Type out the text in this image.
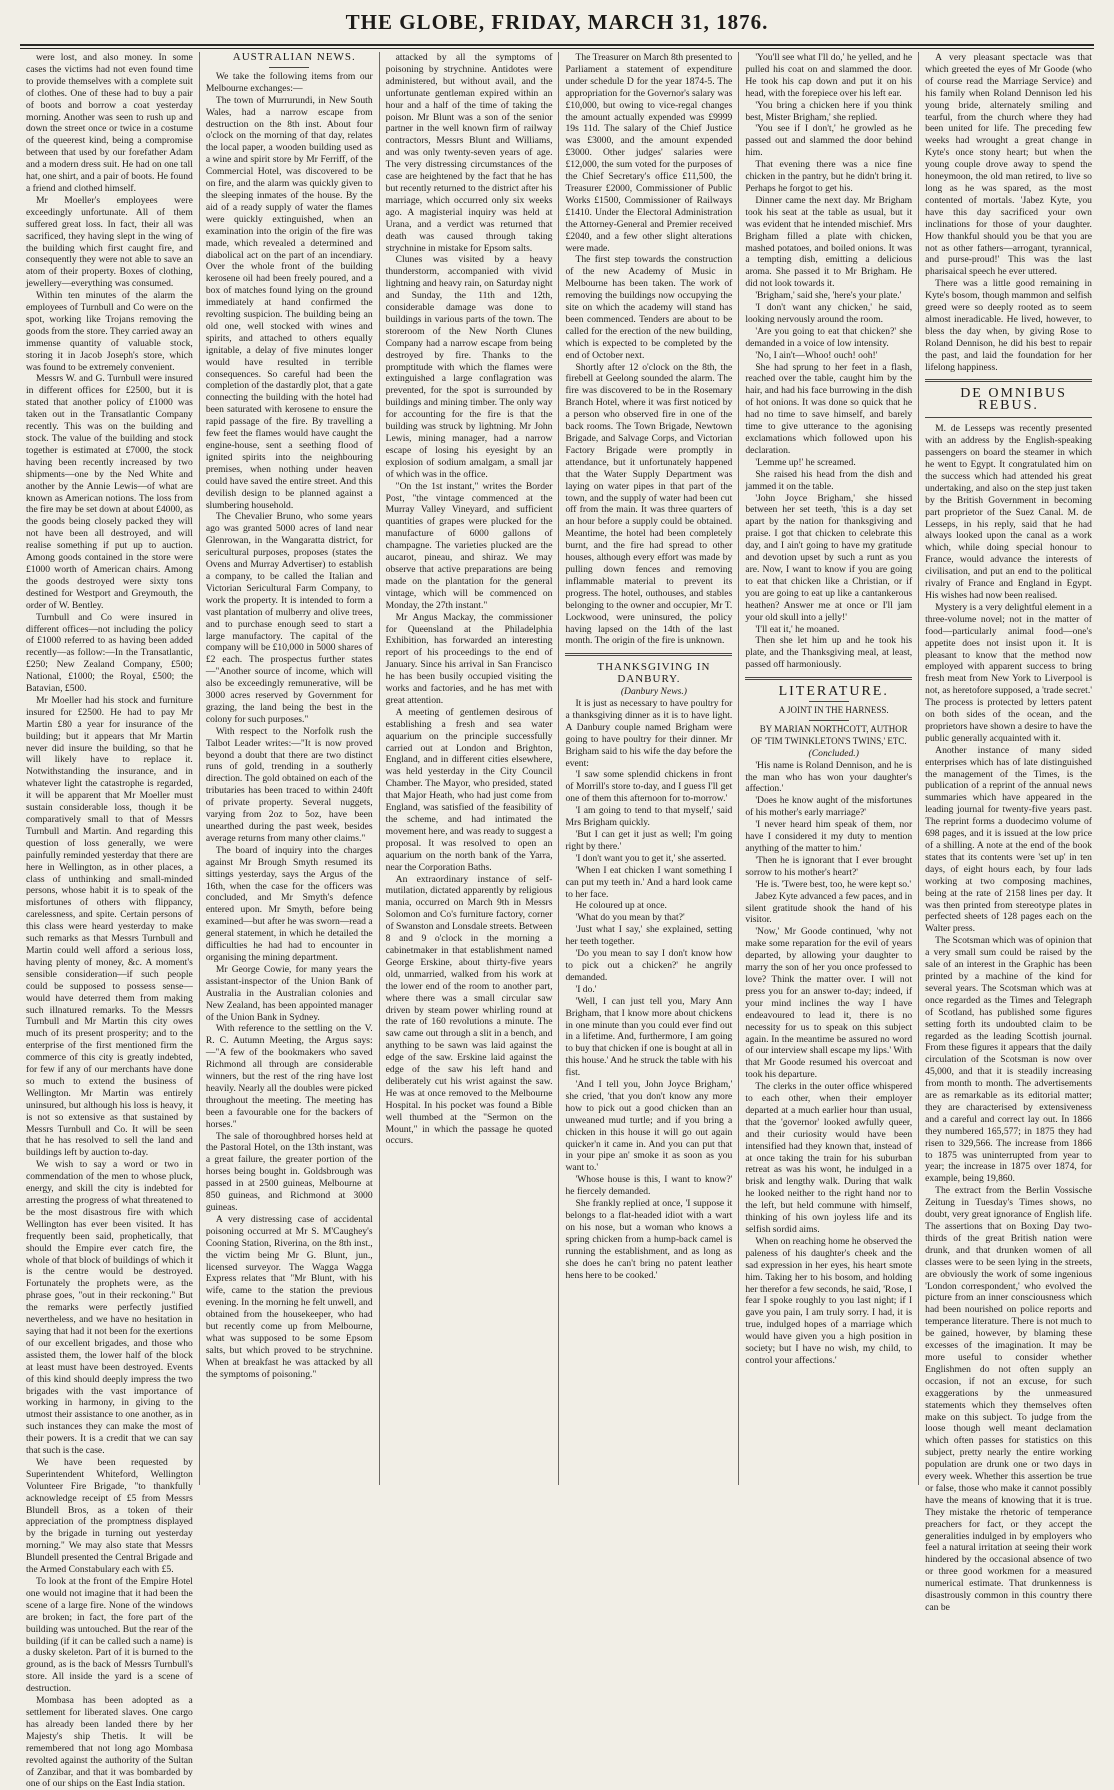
THE GLOBE, FRIDAY, MARCH 31, 1876.

were lost, and also money. In some cases the victims had not even found time to provide themselves with a complete suit of clothes. One of these had to buy a pair of boots and borrow a coat yesterday morning. Another was seen to rush up and down the street once or twice in a costume of the queerest kind, being a compromise between that used by our forefather Adam and a modern dress suit. He had on one tall hat, one shirt, and a pair of boots. He found a friend and clothed himself.

Mr Moeller's employees were exceedingly unfortunate. All of them suffered great loss. In fact, their all was sacrificed, they having slept in the wing of the building which first caught fire, and consequently they were not able to save an atom of their property. Boxes of clothing, jewellery—everything was consumed.

Within ten minutes of the alarm the employees of Turnbull and Co were on the spot, working like Trojans removing the goods from the store. They carried away an immense quantity of valuable stock, storing it in Jacob Joseph's store, which was found to be extremely convenient.

Messrs W. and G. Turnbull were insured in different offices for £2500, but it is stated that another policy of £1000 was taken out in the Transatlantic Company recently. This was on the building and stock. The value of the building and stock together is estimated at £7000, the stock having been recently increased by two shipments—one by the Ned White and another by the Annie Lewis—of what are known as American notions. The loss from the fire may be set down at about £4000, as the goods being closely packed they will not have been all destroyed, and will realise something if put up to auction. Among goods contained in the store were £1000 worth of American chairs. Among the goods destroyed were sixty tons destined for Westport and Greymouth, the order of W. Bentley.

Turnbull and Co were insured in different offices—not including the policy of £1000 referred to as having been added recently—as follow:—In the Transatlantic, £250; New Zealand Company, £500; National, £1000; the Royal, £500; the Batavian, £500.

Mr Moeller had his stock and furniture insured for £2500. He had to pay Mr Martin £80 a year for insurance of the building; but it appears that Mr Martin never did insure the building, so that he will likely have to replace it. Notwithstanding the insurance, and in whatever light the catastrophe is regarded, it will be apparent that Mr Moeller must sustain considerable loss, though it be comparatively small to that of Messrs Turnbull and Martin. And regarding this question of loss generally, we were painfully reminded yesterday that there are here in Wellington, as in other places, a class of unthinking and small-minded persons, whose habit it is to speak of the misfortunes of others with flippancy, carelessness, and spite. Certain persons of this class were heard yesterday to make such remarks as that Messrs Turnbull and Martin could well afford a serious loss, having plenty of money, &c. A moment's sensible consideration—if such people could be supposed to possess sense—would have deterred them from making such illnatured remarks. To the Messrs Turnbull and Mr Martin this city owes much of its present prosperity; and to the enterprise of the first mentioned firm the commerce of this city is greatly indebted, for few if any of our merchants have done so much to extend the business of Wellington. Mr Martin was entirely uninsured, but although his loss is heavy, it is not so extensive as that sustained by Messrs Turnbull and Co. It will be seen that he has resolved to sell the land and buildings left by auction to-day.

We wish to say a word or two in commendation of the men to whose pluck, energy, and skill the city is indebted for arresting the progress of what threatened to be the most disastrous fire with which Wellington has ever been visited. It has frequently been said, prophetically, that should the Empire ever catch fire, the whole of that block of buildings of which it is the centre would be destroyed. Fortunately the prophets were, as the phrase goes, "out in their reckoning." But the remarks were perfectly justified nevertheless, and we have no hesitation in saying that had it not been for the exertions of our excellent brigades, and those who assisted them, the lower half of the block at least must have been destroyed. Events of this kind should deeply impress the two brigades with the vast importance of working in harmony, in giving to the utmost their assistance to one another, as in such instances they can make the most of their powers. It is a credit that we can say that such is the case.

We have been requested by Superintendent Whiteford, Wellington Volunteer Fire Brigade, "to thankfully acknowledge receipt of £5 from Messrs Blundell Bros, as a token of their appreciation of the promptness displayed by the brigade in turning out yesterday morning." We may also state that Messrs Blundell presented the Central Brigade and the Armed Constabulary each with £5.

To look at the front of the Empire Hotel one would not imagine that it had been the scene of a large fire. None of the windows are broken; in fact, the fore part of the building was untouched. But the rear of the building (if it can be called such a name) is a dusky skeleton. Part of it is burned to the ground, as is the back of Messrs Turnbull's store. All inside the yard is a scene of destruction.

Mombasa has been adopted as a settlement for liberated slaves. One cargo has already been landed there by her Majesty's ship Thetis. It will be remembered that not long ago Mombasa revolted against the authority of the Sultan of Zanzibar, and that it was bombarded by one of our ships on the East India station.

AUSTRALIAN NEWS.

We take the following items from our Melbourne exchanges:—

The town of Murrurundi, in New South Wales, had a narrow escape from destruction on the 8th inst. About four o'clock on the morning of that day, relates the local paper, a wooden building used as a wine and spirit store by Mr Ferriff, of the Commercial Hotel, was discovered to be on fire, and the alarm was quickly given to the sleeping inmates of the house. By the aid of a ready supply of water the flames were quickly extinguished, when an examination into the origin of the fire was made, which revealed a determined and diabolical act on the part of an incendiary. Over the whole front of the building kerosene oil had been freely poured, and a box of matches found lying on the ground immediately at hand confirmed the revolting suspicion. The building being an old one, well stocked with wines and spirits, and attached to others equally ignitable, a delay of five minutes longer would have resulted in terrible consequences. So careful had been the completion of the dastardly plot, that a gate connecting the building with the hotel had been saturated with kerosene to ensure the rapid passage of the fire. By travelling a few feet the flames would have caught the engine-house, sent a seething flood of ignited spirits into the neighbouring premises, when nothing under heaven could have saved the entire street. And this devilish design to be planned against a slumbering household.

The Chevalier Bruno, who some years ago was granted 5000 acres of land near Glenrowan, in the Wangaratta district, for sericultural purposes, proposes (states the Ovens and Murray Advertiser) to establish a company, to be called the Italian and Victorian Sericultural Farm Company, to work the property. It is intended to form a vast plantation of mulberry and olive trees, and to purchase enough seed to start a large manufactory. The capital of the company will be £10,000 in 5000 shares of £2 each. The prospectus further states—"Another source of income, which will also be exceedingly remunerative, will be 3000 acres reserved by Government for grazing, the land being the best in the colony for such purposes."

With respect to the Norfolk rush the Talbot Leader writes:—"It is now proved beyond a doubt that there are two distinct runs of gold, trending in a southerly direction. The gold obtained on each of the tributaries has been traced to within 240ft of private property. Several nuggets, varying from 2oz to 5oz, have been unearthed during the past week, besides average returns from many other claims."

The board of inquiry into the charges against Mr Brough Smyth resumed its sittings yesterday, says the Argus of the 16th, when the case for the officers was concluded, and Mr Smyth's defence entered upon. Mr Smyth, before being examined—but after he was sworn—read a general statement, in which he detailed the difficulties he had had to encounter in organising the mining department.

Mr George Cowie, for many years the assistant-inspector of the Union Bank of Australia in the Australian colonies and New Zealand, has been appointed manager of the Union Bank in Sydney.

With reference to the settling on the V. R. C. Autumn Meeting, the Argus says:—"A few of the bookmakers who saved Richmond all through are considerable winners, but the rest of the ring have lost heavily. Nearly all the doubles were picked throughout the meeting. The meeting has been a favourable one for the backers of horses."

The sale of thoroughbred horses held at the Pastoral Hotel, on the 13th instant, was a great failure, the greater portion of the horses being bought in. Goldsbrough was passed in at 2500 guineas, Melbourne at 850 guineas, and Richmond at 3000 guineas.

A very distressing case of accidental poisoning occurred at Mr S. M'Caughey's Cooning Station, Riverina, on the 8th inst., the victim being Mr G. Blunt, jun., licensed surveyor. The Wagga Wagga Express relates that "Mr Blunt, with his wife, came to the station the previous evening. In the morning he felt unwell, and obtained from the housekeeper, who had but recently come up from Melbourne, what was supposed to be some Epsom salts, but which proved to be strychnine. When at breakfast he was attacked by all the symptoms of poisoning."

attacked by all the symptoms of poisoning by strychnine. Antidotes were administered, but without avail, and the unfortunate gentleman expired within an hour and a half of the time of taking the poison. Mr Blunt was a son of the senior partner in the well known firm of railway contractors, Messrs Blunt and Williams, and was only twenty-seven years of age. The very distressing circumstances of the case are heightened by the fact that he has but recently returned to the district after his marriage, which occurred only six weeks ago. A magisterial inquiry was held at Urana, and a verdict was returned that death was caused through taking strychnine in mistake for Epsom salts.

Clunes was visited by a heavy thunderstorm, accompanied with vivid lightning and heavy rain, on Saturday night and Sunday, the 11th and 12th, considerable damage was done to buildings in various parts of the town. The storeroom of the New North Clunes Company had a narrow escape from being destroyed by fire. Thanks to the promptitude with which the flames were extinguished a large conflagration was prevented, for the spot is surrounded by buildings and mining timber. The only way for accounting for the fire is that the building was struck by lightning. Mr John Lewis, mining manager, had a narrow escape of losing his eyesight by an explosion of sodium amalgam, a small jar of which was in the office.

"On the 1st instant," writes the Border Post, "the vintage commenced at the Murray Valley Vineyard, and sufficient quantities of grapes were plucked for the manufacture of 6000 gallons of champagne. The varieties plucked are the aucarot, pineau, and shiraz. We may observe that active preparations are being made on the plantation for the general vintage, which will be commenced on Monday, the 27th instant."

Mr Angus Mackay, the commissioner for Queensland at the Philadelphia Exhibition, has forwarded an interesting report of his proceedings to the end of January. Since his arrival in San Francisco he has been busily occupied visiting the works and factories, and he has met with great attention.

A meeting of gentlemen desirous of establishing a fresh and sea water aquarium on the principle successfully carried out at London and Brighton, England, and in different cities elsewhere, was held yesterday in the City Council Chamber. The Mayor, who presided, stated that Major Heath, who had just come from England, was satisfied of the feasibility of the scheme, and had intimated the movement here, and was ready to suggest a proposal. It was resolved to open an aquarium on the north bank of the Yarra, near the Corporation Baths.

An extraordinary instance of self-mutilation, dictated apparently by religious mania, occurred on March 9th in Messrs Solomon and Co's furniture factory, corner of Swanston and Lonsdale streets. Between 8 and 9 o'clock in the morning a cabinetmaker in that establishment named George Erskine, about thirty-five years old, unmarried, walked from his work at the lower end of the room to another part, where there was a small circular saw driven by steam power whirling round at the rate of 160 revolutions a minute. The saw came out through a slit in a bench, and anything to be sawn was laid against the edge of the saw. Erskine laid against the edge of the saw his left hand and deliberately cut his wrist against the saw. He was at once removed to the Melbourne Hospital. In his pocket was found a Bible well thumbed at the "Sermon on the Mount," in which the passage he quoted occurs.

The Treasurer on March 8th presented to Parliament a statement of expenditure under schedule D for the year 1874-5. The appropriation for the Governor's salary was £10,000, but owing to vice-regal changes the amount actually expended was £9999 19s 11d. The salary of the Chief Justice was £3000, and the amount expended £3000. Other judges' salaries were £12,000, the sum voted for the purposes of the Chief Secretary's office £11,500, the Treasurer £2000, Commissioner of Public Works £1500, Commissioner of Railways £1410. Under the Electoral Administration the Attorney-General and Premier received £2040, and a few other slight alterations were made.

The first step towards the construction of the new Academy of Music in Melbourne has been taken. The work of removing the buildings now occupying the site on which the academy will stand has been commenced. Tenders are about to be called for the erection of the new building, which is expected to be completed by the end of October next.

Shortly after 12 o'clock on the 8th, the firebell at Geelong sounded the alarm. The fire was discovered to be in the Rosemary Branch Hotel, where it was first noticed by a person who observed fire in one of the back rooms. The Town Brigade, Newtown Brigade, and Salvage Corps, and Victorian Factory Brigade were promptly in attendance, but it unfortunately happened that the Water Supply Department was laying on water pipes in that part of the town, and the supply of water had been cut off from the main. It was three quarters of an hour before a supply could be obtained. Meantime, the hotel had been completely burnt, and the fire had spread to other houses, although every effort was made by pulling down fences and removing inflammable material to prevent its progress. The hotel, outhouses, and stables belonging to the owner and occupier, Mr T. Lockwood, were uninsured, the policy having lapsed on the 14th of the last month. The origin of the fire is unknown.

THANKSGIVING IN DANBURY.

(Danbury News.)

It is just as necessary to have poultry for a thanksgiving dinner as it is to have light. A Danbury couple named Brigham were going to have poultry for their dinner. Mr Brigham said to his wife the day before the event:

'I saw some splendid chickens in front of Morrill's store to-day, and I guess I'll get one of them this afternoon for to-morrow.'

'I am going to tend to that myself,' said Mrs Brigham quickly.

'But I can get it just as well; I'm going right by there.'

'I don't want you to get it,' she asserted.

'When I eat chicken I want something I can put my teeth in.' And a hard look came to her face.

He coloured up at once.

'What do you mean by that?'

'Just what I say,' she explained, setting her teeth together.

'Do you mean to say I don't know how to pick out a chicken?' he angrily demanded.

'I do.'

'Well, I can just tell you, Mary Ann Brigham, that I know more about chickens in one minute than you could ever find out in a lifetime. And, furthermore, I am going to buy that chicken if one is bought at all in this house.' And he struck the table with his fist.

'And I tell you, John Joyce Brigham,' she cried, 'that you don't know any more how to pick out a good chicken than an unweaned mud turtle; and if you bring a chicken in this house it will go out again quicker'n it came in. And you can put that in your pipe an' smoke it as soon as you want to.'

'Whose house is this, I want to know?' he fiercely demanded.

She frankly replied at once, 'I suppose it belongs to a flat-headed idiot with a wart on his nose, but a woman who knows a spring chicken from a hump-back camel is running the establishment, and as long as she does he can't bring no patent leather hens here to be cooked.'

'You'll see what I'll do,' he yelled, and he pulled his coat on and slammed the door. He took his cap down and put it on his head, with the forepiece over his left ear.

'You bring a chicken here if you think best, Mister Brigham,' she replied.

'You see if I don't,' he growled as he passed out and slammed the door behind him.

That evening there was a nice fine chicken in the pantry, but he didn't bring it. Perhaps he forgot to get his.

Dinner came the next day. Mr Brigham took his seat at the table as usual, but it was evident that he intended mischief. Mrs Brigham filled a plate with chicken, mashed potatoes, and boiled onions. It was a tempting dish, emitting a delicious aroma. She passed it to Mr Brigham. He did not look towards it.

'Brigham,' said she, 'here's your plate.'

'I don't want any chicken,' he said, looking nervously around the room.

'Are you going to eat that chicken?' she demanded in a voice of low intensity.

'No, I ain't—Whoo! ouch! ooh!'

She had sprung to her feet in a flash, reached over the table, caught him by the hair, and had his face burrowing in the dish of hot onions. It was done so quick that he had no time to save himself, and barely time to give utterance to the agonising exclamations which followed upon his declaration.

'Lemme up!' he screamed.

She raised his head from the dish and jammed it on the table.

'John Joyce Brigham,' she hissed between her set teeth, 'this is a day set apart by the nation for thanksgiving and praise. I got that chicken to celebrate this day, and I ain't going to have my gratitude and devotion upset by such a runt as you are. Now, I want to know if you are going to eat that chicken like a Christian, or if you are going to eat up like a cantankerous heathen? Answer me at once or I'll jam your old skull into a jelly!'

'I'll eat it,' he moaned.

Then she let him up and he took his plate, and the Thanksgiving meal, at least, passed off harmoniously.

LITERATURE.

A JOINT IN THE HARNESS.

BY MARIAN NORTHCOTT, AUTHOR OF 'TIM TWINKLETON'S TWINS,' ETC.

(Concluded.)

'His name is Roland Dennison, and he is the man who has won your daughter's affection.'

'Does he know aught of the misfortunes of his mother's early marriage?'

'I never heard him speak of them, nor have I considered it my duty to mention anything of the matter to him.'

'Then he is ignorant that I ever brought sorrow to his mother's heart?'

'He is. 'Twere best, too, he were kept so.'

Jabez Kyte advanced a few paces, and in silent gratitude shook the hand of his visitor.

'Now,' Mr Goode continued, 'why not make some reparation for the evil of years departed, by allowing your daughter to marry the son of her you once professed to love? Think the matter over. I will not press you for an answer to-day; indeed, if your mind inclines the way I have endeavoured to lead it, there is no necessity for us to speak on this subject again. In the meantime be assured no word of our interview shall escape my lips.' With that Mr Goode resumed his overcoat and took his departure.

The clerks in the outer office whispered to each other, when their employer departed at a much earlier hour than usual, that the 'governor' looked awfully queer, and their curiosity would have been intensified had they known that, instead of at once taking the train for his suburban retreat as was his wont, he indulged in a brisk and lengthy walk. During that walk he looked neither to the right hand nor to the left, but held commune with himself, thinking of his own joyless life and its selfish sordid aims.

When on reaching home he observed the paleness of his daughter's cheek and the sad expression in her eyes, his heart smote him. Taking her to his bosom, and holding her therefor a few seconds, he said, 'Rose, I fear I spoke roughly to you last night; if I gave you pain, I am truly sorry. I had, it is true, indulged hopes of a marriage which would have given you a high position in society; but I have no wish, my child, to control your affections.'

A very pleasant spectacle was that which greeted the eyes of Mr Goode (who of course read the Marriage Service) and his family when Roland Dennison led his young bride, alternately smiling and tearful, from the church where they had been united for life. The preceding few weeks had wrought a great change in Kyte's once stony heart; but when the young couple drove away to spend the honeymoon, the old man retired, to live so long as he was spared, as the most contented of mortals. 'Jabez Kyte, you have this day sacrificed your own inclinations for those of your daughter. How thankful should you be that you are not as other fathers—arrogant, tyrannical, and purse-proud!' This was the last pharisaical speech he ever uttered.

There was a little good remaining in Kyte's bosom, though mammon and selfish greed were so deeply rooted as to seem almost ineradicable. He lived, however, to bless the day when, by giving Rose to Roland Dennison, he did his best to repair the past, and laid the foundation for her lifelong happiness.

DE OMNIBUS REBUS.

M. de Lesseps was recently presented with an address by the English-speaking passengers on board the steamer in which he went to Egypt. It congratulated him on the success which had attended his great undertaking, and also on the step just taken by the British Government in becoming part proprietor of the Suez Canal. M. de Lesseps, in his reply, said that he had always looked upon the canal as a work which, while doing special honour to France, would advance the interests of civilisation, and put an end to the political rivalry of France and England in Egypt. His wishes had now been realised.

Mystery is a very delightful element in a three-volume novel; not in the matter of food—particularly animal food—one's appetite does not insist upon it. It is pleasant to know that the method now employed with apparent success to bring fresh meat from New York to Liverpool is not, as heretofore supposed, a 'trade secret.' The process is protected by letters patent on both sides of the ocean, and the proprietors have shown a desire to have the public generally acquainted with it.

Another instance of many sided enterprises which has of late distinguished the management of the Times, is the publication of a reprint of the annual news summaries which have appeared in the leading journal for twenty-five years past. The reprint forms a duodecimo volume of 698 pages, and it is issued at the low price of a shilling. A note at the end of the book states that its contents were 'set up' in ten days, of eight hours each, by four lads working at two composing machines, being at the rate of 2158 lines per day. It was then printed from stereotype plates in perfected sheets of 128 pages each on the Walter press.

The Scotsman which was of opinion that a very small sum could be raised by the sale of an interest in the Graphic has been printed by a machine of the kind for several years. The Scotsman which was at once regarded as the Times and Telegraph of Scotland, has published some figures setting forth its undoubted claim to be regarded as the leading Scottish journal. From these figures it appears that the daily circulation of the Scotsman is now over 45,000, and that it is steadily increasing from month to month. The advertisements are as remarkable as its editorial matter; they are characterised by extensiveness and a careful and correct lay out. In 1866 they numbered 165,577; in 1875 they had risen to 329,566. The increase from 1866 to 1875 was uninterrupted from year to year; the increase in 1875 over 1874, for example, being 19,860.

The extract from the Berlin Vossische Zeitung in Tuesday's Times shows, no doubt, very great ignorance of English life. The assertions that on Boxing Day two-thirds of the great British nation were drunk, and that drunken women of all classes were to be seen lying in the streets, are obviously the work of some ingenious 'London correspondent,' who evolved the picture from an inner consciousness which had been nourished on police reports and temperance literature. There is not much to be gained, however, by blaming these excesses of the imagination. It may be more useful to consider whether Englishmen do not often supply an occasion, if not an excuse, for such exaggerations by the unmeasured statements which they themselves often make on this subject. To judge from the loose though well meant declamation which often passes for statistics on this subject, pretty nearly the entire working population are drunk one or two days in every week. Whether this assertion be true or false, those who make it cannot possibly have the means of knowing that it is true. They mistake the rhetoric of temperance preachers for fact, or they accept the generalities indulged in by employers who feel a natural irritation at seeing their work hindered by the occasional absence of two or three good workmen for a measured numerical estimate. That drunkenness is disastrously common in this country there can be
